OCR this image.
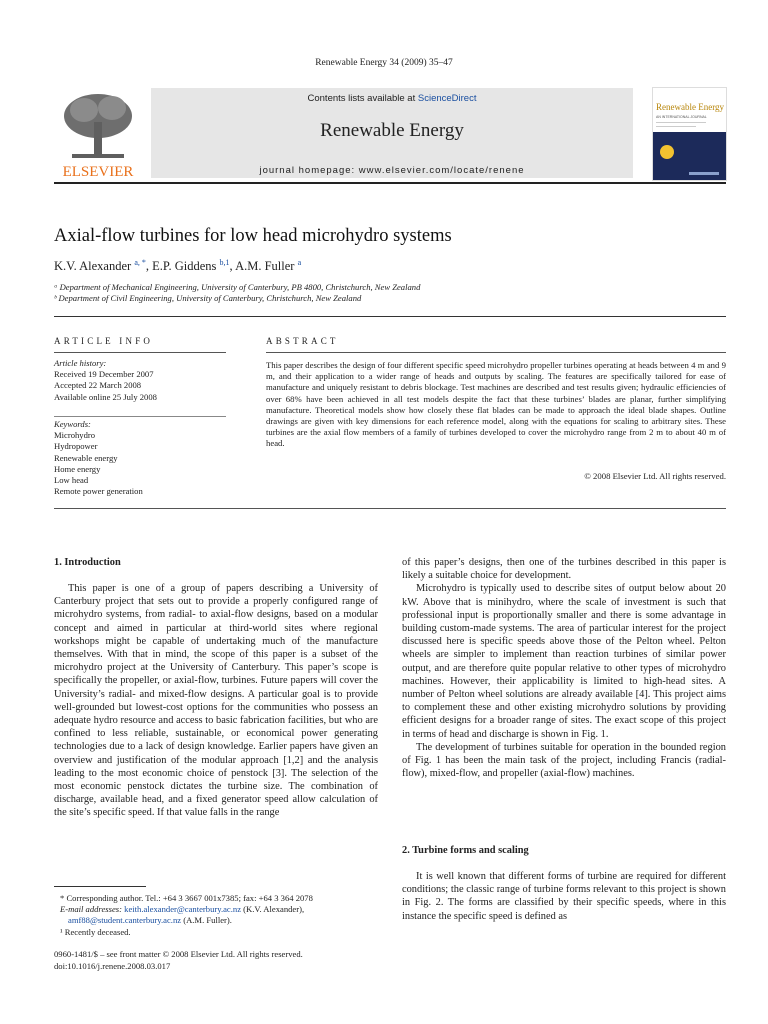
Renewable Energy 34 (2009) 35–47
ELSEVIER
Contents lists available at ScienceDirect
Renewable Energy
journal homepage: www.elsevier.com/locate/renene
Renewable Energy
AN INTERNATIONAL JOURNAL
Axial-flow turbines for low head microhydro systems
K.V. Alexander $^{a, *}$, E.P. Giddens $^{b,1}$, A.M. Fuller $^a$
ᵃ Department of Mechanical Engineering, University of Canterbury, PB 4800, Christchurch, New Zealand
ᵇ Department of Civil Engineering, University of Canterbury, Christchurch, New Zealand
ARTICLE INFO	ABSTRACT
Article history:
Received 19 December 2007
Accepted 22 March 2008
Available online 25 July 2008
Keywords:
Microhydro
Hydropower
Renewable energy
Home energy
Low head
Remote power generation
This paper describes the design of four different specific speed microhydro propeller turbines operating at heads between 4 m and 9 m, and their application to a wider range of heads and outputs by scaling. The features are specifically tailored for ease of manufacture and uniquely resistant to debris blockage. Test machines are described and test results given; hydraulic efficiencies of over 68% have been achieved in all test models despite the fact that these turbines’ blades are planar, further simplifying manufacture. Theoretical models show how closely these flat blades can be made to approach the ideal blade shapes. Outline drawings are given with key dimensions for each reference model, along with the equations for scaling to arbitrary sites. These turbines are the axial flow members of a family of turbines developed to cover the microhydro range from 2 m to about 40 m of head.
© 2008 Elsevier Ltd. All rights reserved.
1. Introduction

This paper is one of a group of papers describing a University of Canterbury project that sets out to provide a properly configured range of microhydro systems, from radial- to axial-flow designs, based on a modular concept and aimed in particular at third-world sites where regional workshops might be capable of undertaking much of the manufacture themselves. With that in mind, the scope of this paper is a subset of the microhydro project at the University of Canterbury. This paper’s scope is specifically the propeller, or axial-flow, turbines. Future papers will cover the University’s radial- and mixed-flow designs. A particular goal is to provide well-grounded but lowest-cost options for the communities who possess an adequate hydro resource and access to basic fabrication facilities, but who are confined to less reliable, sustainable, or economical power generating technologies due to a lack of design knowledge. Earlier papers have given an overview and justification of the modular approach [1,2] and the analysis leading to the most economic choice of penstock [3]. The selection of the most economic penstock dictates the turbine size. The combination of discharge, available head, and a fixed generator speed allow calculation of the site’s specific speed. If that value falls in the range

of this paper’s designs, then one of the turbines described in this paper is likely a suitable choice for development.

Microhydro is typically used to describe sites of output below about 20 kW. Above that is minihydro, where the scale of investment is such that professional input is proportionally smaller and there is some advantage in building custom-made systems. The area of particular interest for the project discussed here is specific speeds above those of the Pelton wheel. Pelton wheels are simpler to implement than reaction turbines of similar power output, and are therefore quite popular relative to other types of microhydro machines. However, their applicability is limited to high-head sites. A number of Pelton wheel solutions are already available [4]. This project aims to complement these and other existing microhydro solutions by providing efficient designs for a broader range of sites. The exact scope of this project in terms of head and discharge is shown in Fig. 1.

The development of turbines suitable for operation in the bounded region of Fig. 1 has been the main task of the project, including Francis (radial-flow), mixed-flow, and propeller (axial-flow) machines.

2. Turbine forms and scaling

It is well known that different forms of turbine are required for different conditions; the classic range of turbine forms relevant to this project is shown in Fig. 2. The forms are classified by their specific speeds, where in this instance the specific speed is defined as

* Corresponding author. Tel.: +64 3 3667 001x7385; fax: +64 3 364 2078
E-mail addresses: keith.alexander@canterbury.ac.nz (K.V. Alexander), amf88@student.canterbury.ac.nz (A.M. Fuller).
¹ Recently deceased.
0960-1481/$ – see front matter © 2008 Elsevier Ltd. All rights reserved.
doi:10.1016/j.renene.2008.03.017
